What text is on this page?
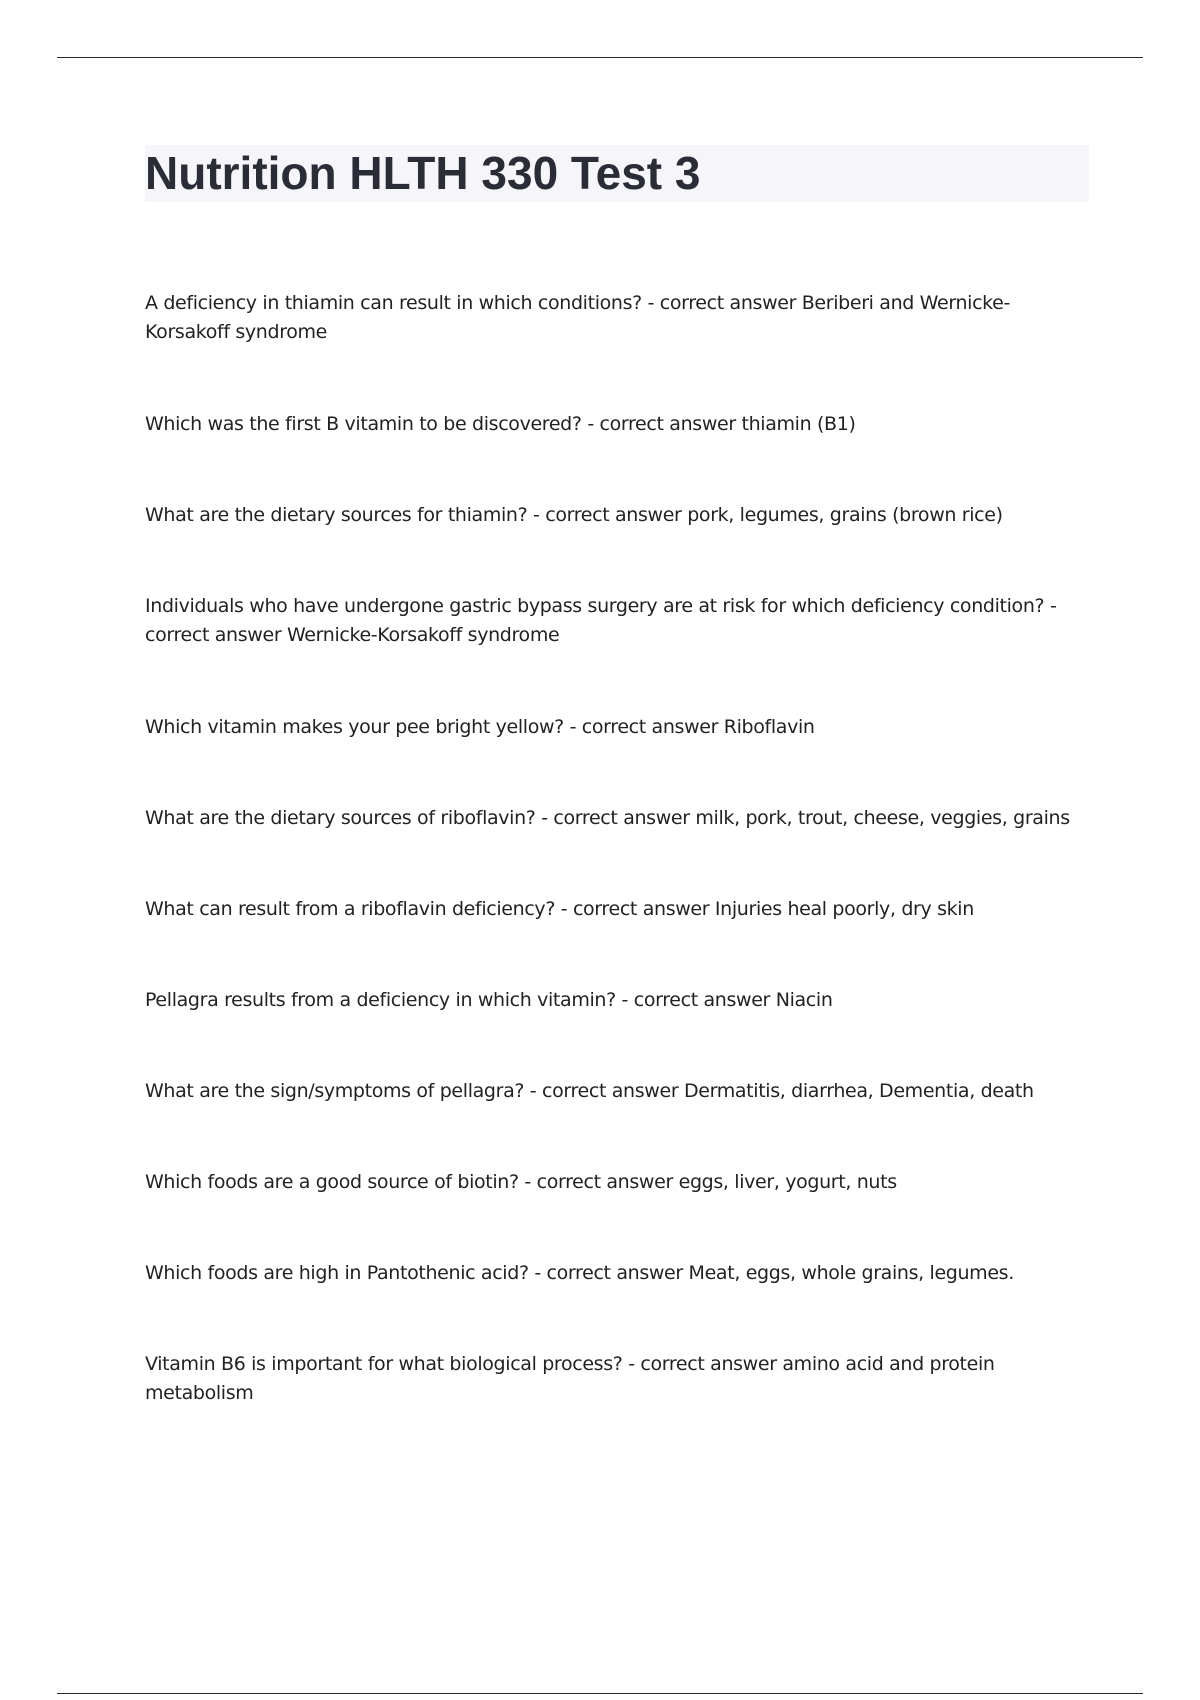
Nutrition HLTH 330 Test 3

A deficiency in thiamin can result in which conditions? - correct answer Beriberi and Wernicke-Korsakoff syndrome

Which was the first B vitamin to be discovered? - correct answer thiamin (B1)

What are the dietary sources for thiamin? - correct answer pork, legumes, grains (brown rice)

Individuals who have undergone gastric bypass surgery are at risk for which deficiency condition? - correct answer Wernicke-Korsakoff syndrome

Which vitamin makes your pee bright yellow? - correct answer Riboflavin

What are the dietary sources of riboflavin? - correct answer milk, pork, trout, cheese, veggies, grains

What can result from a riboflavin deficiency? - correct answer Injuries heal poorly, dry skin

Pellagra results from a deficiency in which vitamin? - correct answer Niacin

What are the sign/symptoms of pellagra? - correct answer Dermatitis, diarrhea, Dementia, death

Which foods are a good source of biotin? - correct answer eggs, liver, yogurt, nuts

Which foods are high in Pantothenic acid? - correct answer Meat, eggs, whole grains, legumes.

Vitamin B6 is important for what biological process? - correct answer amino acid and protein metabolism
